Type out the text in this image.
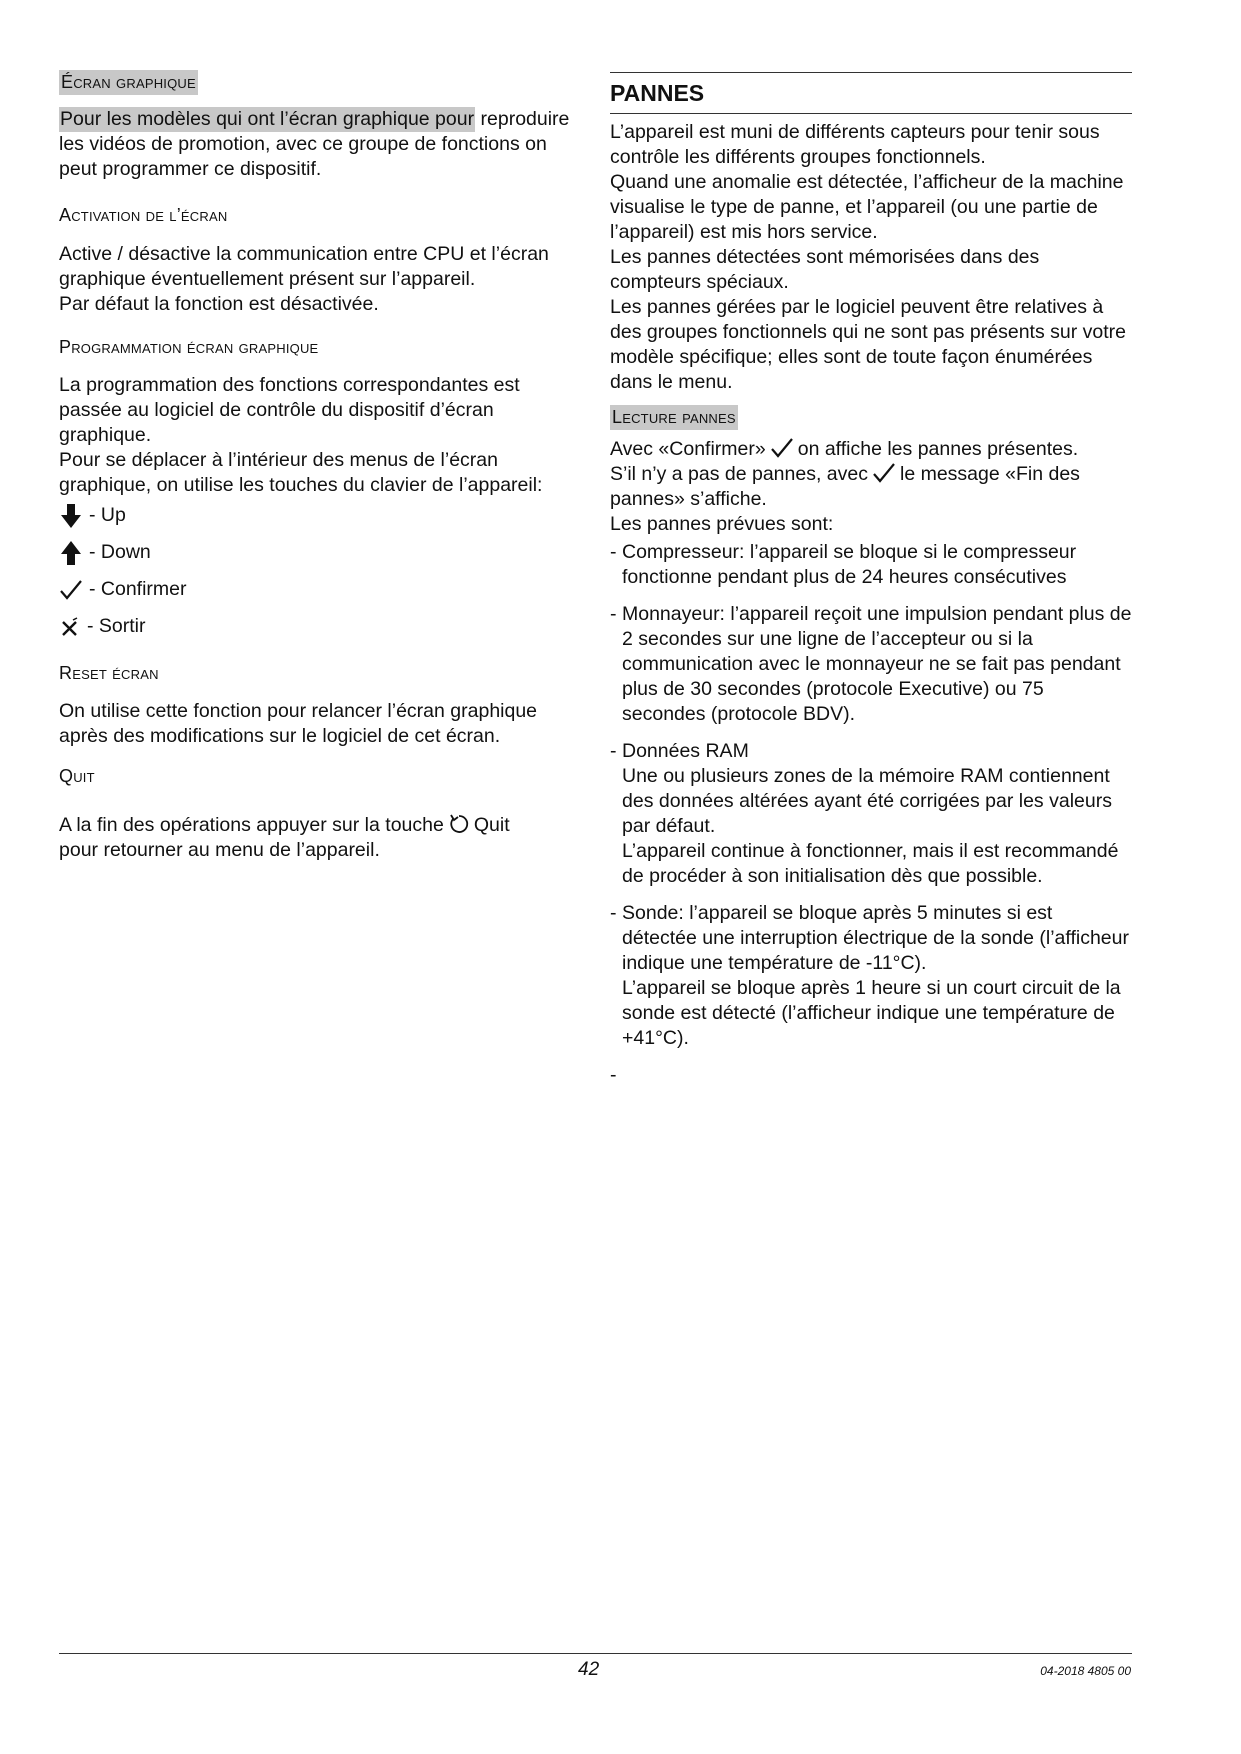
Écran graphique

Pour les modèles qui ont l’écran graphique pour reproduire les vidéos de promotion, avec ce groupe de fonctions on peut programmer ce dispositif.

Activation de l’écran

Active / désactive la communication entre CPU et l’écran graphique éventuellement présent sur l’appareil.

Par défaut la fonction est désactivée.

Programmation écran graphique

La programmation des fonctions correspondantes est passée au logiciel de contrôle du dispositif d’écran graphique.

Pour se déplacer à l’intérieur des menus de l’écran graphique, on utilise les touches du clavier de l’appareil:

- Up
- Down
- Confirmer
- Sortir
Reset écran

On utilise cette fonction pour relancer l’écran graphique après des modifications sur le logiciel de cet écran.

Quit

A la fin des opérations appuyer sur la touche Quit
pour retourner au menu de l’appareil.

PANNES

L’appareil est muni de différents capteurs pour tenir sous contrôle les différents groupes fonctionnels.

Quand une anomalie est détectée, l’afficheur de la machine visualise le type de panne, et l’appareil (ou une partie de l’appareil) est mis hors service.

Les pannes détectées sont mémorisées dans des compteurs spéciaux.

Les pannes gérées par le logiciel peuvent être relatives à des groupes fonctionnels qui ne sont pas présents sur votre modèle spécifique; elles sont de toute façon énumérées dans le menu.

Lecture pannes

Avec «Confirmer» on affiche les pannes présentes.

S’il n’y a pas de pannes, avec le message «Fin des pannes» s’affiche.

Les pannes prévues sont:

- Compresseur: l’appareil se bloque si le compresseur fonctionne pendant plus de 24 heures consécutives
- Monnayeur: l’appareil reçoit une impulsion pendant plus de 2 secondes sur une ligne de l’accepteur ou si la communication avec le monnayeur ne se fait pas pendant plus de 30 secondes (protocole Executive) ou 75 secondes (protocole BDV).
- Données RAM
Une ou plusieurs zones de la mémoire RAM contiennent des données altérées ayant été corrigées par les valeurs par défaut.
L’appareil continue à fonctionner, mais il est recommandé de procéder à son initialisation dès que possible.
- Sonde: l’appareil se bloque après 5 minutes si est détectée une interruption électrique de la sonde (l’afficheur indique une température de -11°C).
L’appareil se bloque après 1 heure si un court circuit de la sonde est détecté (l’afficheur indique une température de +41°C).
-
42	04-2018 4805 00
